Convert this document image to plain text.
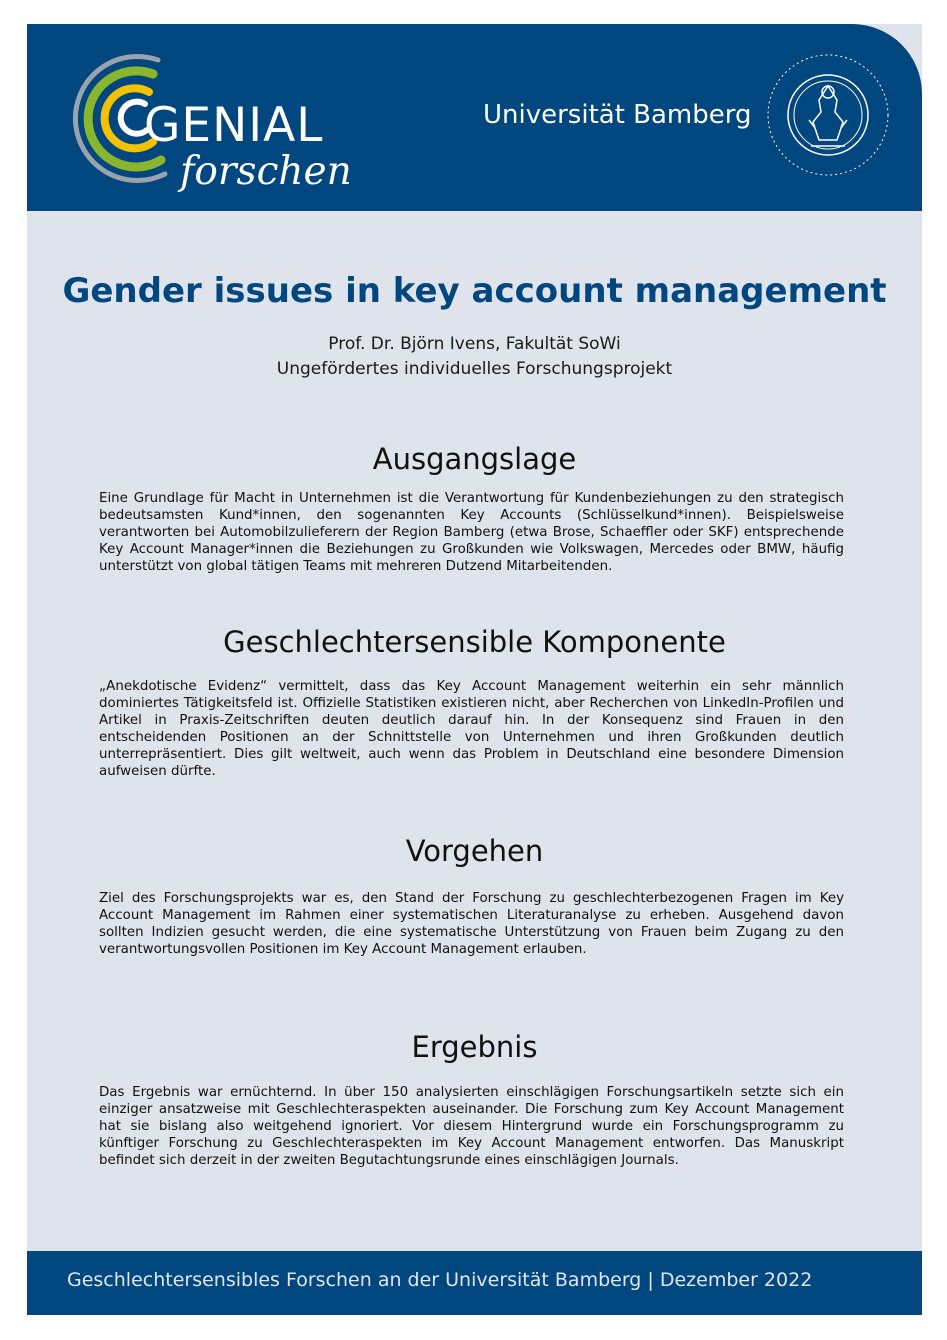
GENIAL
forschen
Universität Bamberg
Gender issues in key account management
Prof. Dr. Björn Ivens, Fakultät SoWi
Ungefördertes individuelles Forschungsprojekt
Ausgangslage
Eine Grundlage für Macht in Unternehmen ist die Verantwortung für Kundenbeziehungen zu den strategisch bedeutsamsten Kund*innen, den sogenannten Key Accounts (Schlüsselkund*innen). Beispielsweise verantworten bei Automobilzulieferern der Region Bamberg (etwa Brose, Schaeffler oder SKF) entsprechende Key Account Manager*innen die Beziehungen zu Großkunden wie Volkswagen, Mercedes oder BMW, häufig unterstützt von global tätigen Teams mit mehreren Dutzend Mitarbeitenden.
Geschlechtersensible Komponente
„Anekdotische Evidenz“ vermittelt, dass das Key Account Management weiterhin ein sehr männlich dominiertes Tätigkeitsfeld ist. Offizielle Statistiken existieren nicht, aber Recherchen von LinkedIn-Profilen und Artikel in Praxis-Zeitschriften deuten deutlich darauf hin. In der Konsequenz sind Frauen in den entscheidenden Positionen an der Schnittstelle von Unternehmen und ihren Großkunden deutlich unterrepräsentiert. Dies gilt weltweit, auch wenn das Problem in Deutschland eine besondere Dimension aufweisen dürfte.
Vorgehen
Ziel des Forschungsprojekts war es, den Stand der Forschung zu geschlechterbezogenen Fragen im Key Account Management im Rahmen einer systematischen Literaturanalyse zu erheben. Ausgehend davon sollten Indizien gesucht werden, die eine systematische Unterstützung von Frauen beim Zugang zu den verantwortungsvollen Positionen im Key Account Management erlauben.
Ergebnis
Das Ergebnis war ernüchternd. In über 150 analysierten einschlägigen Forschungsartikeln setzte sich ein einziger ansatzweise mit Geschlechteraspekten auseinander. Die Forschung zum Key Account Management hat sie bislang also weitgehend ignoriert. Vor diesem Hintergrund wurde ein Forschungsprogramm zu künftiger Forschung zu Geschlechteraspekten im Key Account Management entworfen. Das Manuskript befindet sich derzeit in der zweiten Begutachtungsrunde eines einschlägigen Journals.
Geschlechtersensibles Forschen an der Universität Bamberg | Dezember 2022
